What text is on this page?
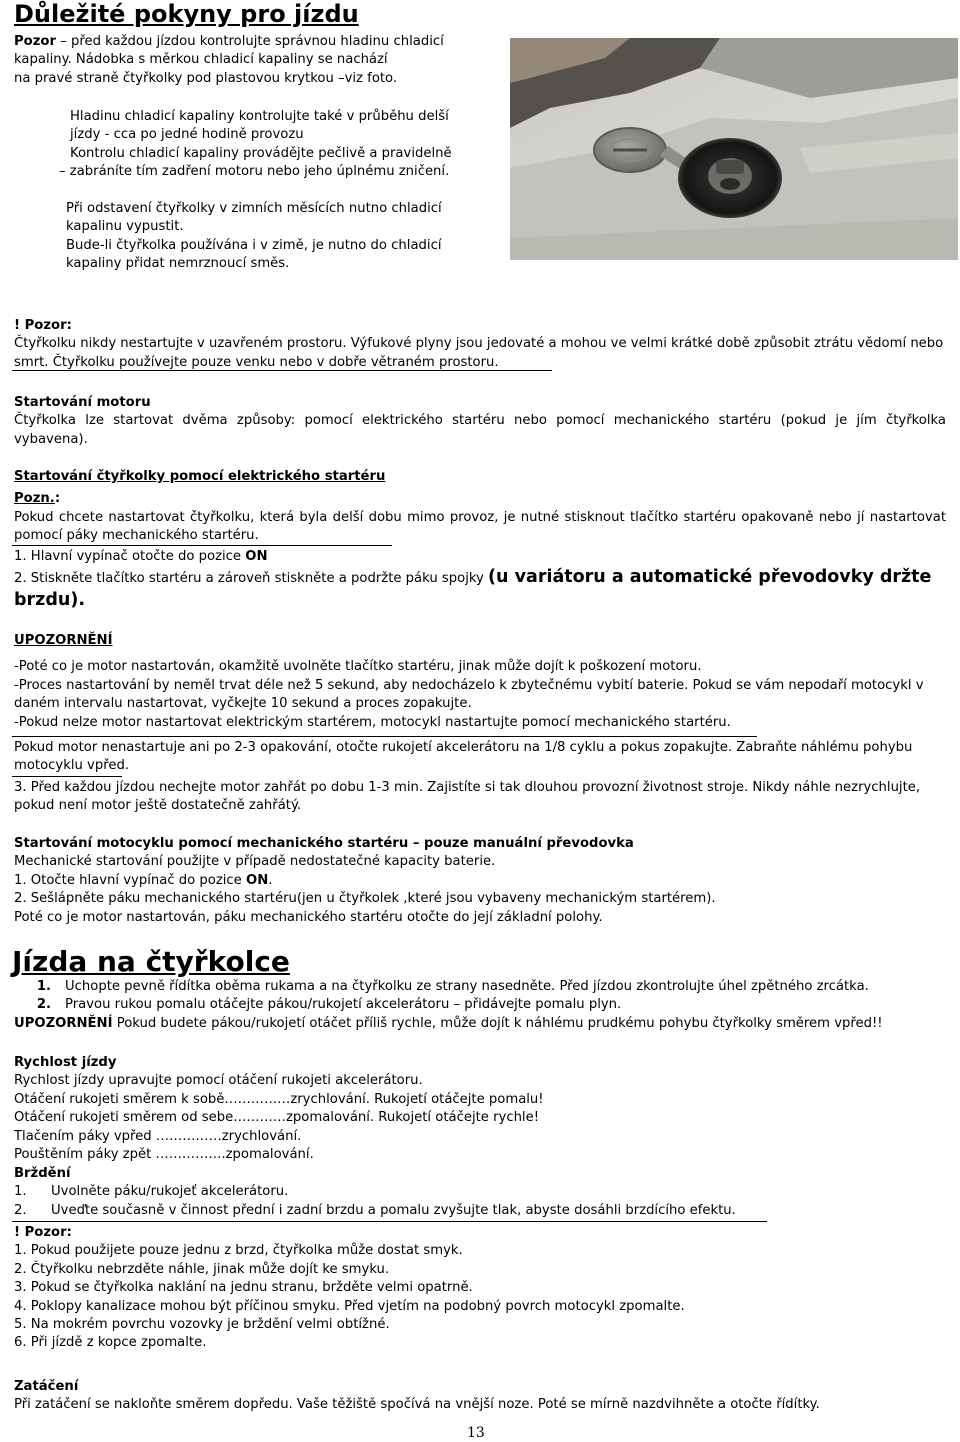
Důležité pokyny pro jízdu

Pozor – před každou jízdou kontrolujte správnou hladinu chladicí

kapaliny. Nádobka s měrkou chladicí kapaliny se nachází

na pravé straně čtyřkolky pod plastovou krytkou –viz foto.

Hladinu chladicí kapaliny kontrolujte také v průběhu delší

jízdy - cca po jedné hodině provozu

Kontrolu chladicí kapaliny provádějte pečlivě a pravidelně

– zabráníte tím zadření motoru nebo jeho úplnému zničení.

Při odstavení čtyřkolky v zimních měsících nutno chladicí

kapalinu vypustit.

Bude-li čtyřkolka používána i v zimě, je nutno do chladicí

kapaliny přidat nemrznoucí směs.

! Pozor:

Čtyřkolku nikdy nestartujte v uzavřeném prostoru. Výfukové plyny jsou jedovaté a mohou ve velmi krátké době způsobit ztrátu vědomí nebo smrt. Čtyřkolku používejte pouze venku nebo v dobře větraném prostoru.

Startování motoru

Čtyřkolka lze startovat dvěma způsoby: pomocí elektrického startéru nebo pomocí mechanického startéru (pokud je jím čtyřkolka vybavena).

Startování čtyřkolky pomocí elektrického startéru

Pozn.:

Pokud chcete nastartovat čtyřkolku, která byla delší dobu mimo provoz, je nutné stisknout tlačítko startéru opakovaně nebo jí nastartovat pomocí páky mechanického startéru.

1. Hlavní vypínač otočte do pozice ON

2. Stiskněte tlačítko startéru a zároveň stiskněte a podržte páku spojky (u variátoru a automatické převodovky držte

brzdu).

UPOZORNĚNÍ

-Poté co je motor nastartován, okamžitě uvolněte tlačítko startéru, jinak může dojít k poškození motoru.

-Proces nastartování by neměl trvat déle než 5 sekund, aby nedocházelo k zbytečnému vybití baterie. Pokud se vám nepodaří motocykl v daném intervalu nastartovat, vyčkejte 10 sekund a proces zopakujte.

-Pokud nelze motor nastartovat elektrickým startérem, motocykl nastartujte pomocí mechanického startéru.

Pokud motor nenastartuje ani po 2-3 opakování, otočte rukojetí akcelerátoru na 1/8 cyklu a pokus zopakujte. Zabraňte náhlému pohybu motocyklu vpřed.

3. Před každou jízdou nechejte motor zahřát po dobu 1-3 min. Zajistíte si tak dlouhou provozní životnost stroje. Nikdy náhle nezrychlujte, pokud není motor ještě dostatečně zahřátý.

Startování motocyklu pomocí mechanického startéru – pouze manuální převodovka

Mechanické startování použijte v případě nedostatečné kapacity baterie.

1. Otočte hlavní vypínač do pozice ON.

2. Sešlápněte páku mechanického startéru(jen u čtyřkolek ,které jsou vybaveny mechanickým startérem).

Poté co je motor nastartován, páku mechanického startéru otočte do její základní polohy.

Jízda na čtyřkolce

1. Uchopte pevně řídítka oběma rukama a na čtyřkolku ze strany nasedněte. Před jízdou zkontrolujte úhel zpětného zrcátka.

2. Pravou rukou pomalu otáčejte pákou/rukojetí akcelerátoru – přidávejte pomalu plyn.

UPOZORNĚNÍ Pokud budete pákou/rukojetí otáčet příliš rychle, může dojít k náhlému prudkému pohybu čtyřkolky směrem vpřed!!

Rychlost jízdy

Rychlost jízdy upravujte pomocí otáčení rukojeti akcelerátoru.

Otáčení rukojeti směrem k sobě……………zrychlování. Rukojetí otáčejte pomalu!

Otáčení rukojeti směrem od sebe…………zpomalování. Rukojetí otáčejte rychle!

Tlačením páky vpřed ……………zrychlování.

Pouštěním páky zpět …………….zpomalování.

Brždění

1. Uvolněte páku/rukojeť akcelerátoru.

2. Uveďte současně v činnost přední i zadní brzdu a pomalu zvyšujte tlak, abyste dosáhli brzdícího efektu.

! Pozor:

1. Pokud použijete pouze jednu z brzd, čtyřkolka může dostat smyk.

2. Čtyřkolku nebrzděte náhle, jinak může dojít ke smyku.

3. Pokud se čtyřkolka naklání na jednu stranu, bržděte velmi opatrně.

4. Poklopy kanalizace mohou být příčinou smyku. Před vjetím na podobný povrch motocykl zpomalte.

5. Na mokrém povrchu vozovky je brždění velmi obtížné.

6. Při jízdě z kopce zpomalte.

Zatáčení

Při zatáčení se nakloňte směrem dopředu. Vaše těžiště spočívá na vnější noze. Poté se mírně nazdvihněte a otočte řídítky.

13
